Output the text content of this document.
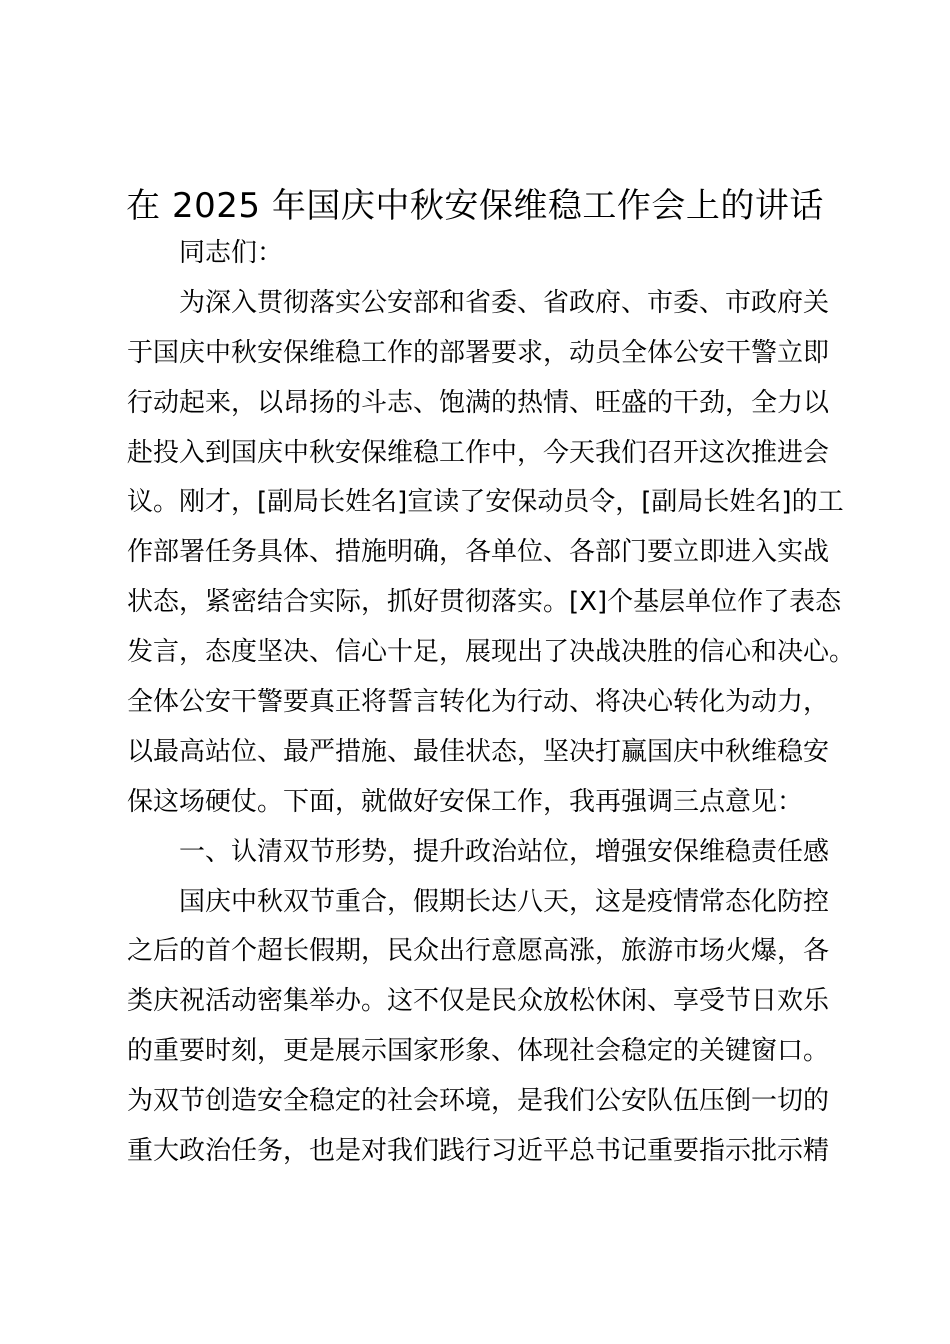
在 2025 年国庆中秋安保维稳工作会上的讲话
同志们：
为深入贯彻落实公安部和省委、省政府、市委、市政府关
于国庆中秋安保维稳工作的部署要求，动员全体公安干警立即
行动起来，以昂扬的斗志、饱满的热情、旺盛的干劲，全力以
赴投入到国庆中秋安保维稳工作中，今天我们召开这次推进会
议。刚才，[副局长姓名]宣读了安保动员令，[副局长姓名]的工
作部署任务具体、措施明确，各单位、各部门要立即进入实战
状态，紧密结合实际，抓好贯彻落实。[X]个基层单位作了表态
发言，态度坚决、信心十足，展现出了决战决胜的信心和决心。
全体公安干警要真正将誓言转化为行动、将决心转化为动力，
以最高站位、最严措施、最佳状态，坚决打赢国庆中秋维稳安
保这场硬仗。下面，就做好安保工作，我再强调三点意见：
一、认清双节形势，提升政治站位，增强安保维稳责任感
国庆中秋双节重合，假期长达八天，这是疫情常态化防控
之后的首个超长假期，民众出行意愿高涨，旅游市场火爆，各
类庆祝活动密集举办。这不仅是民众放松休闲、享受节日欢乐
的重要时刻，更是展示国家形象、体现社会稳定的关键窗口。
为双节创造安全稳定的社会环境，是我们公安队伍压倒一切的
重大政治任务，也是对我们践行习近平总书记重要指示批示精
